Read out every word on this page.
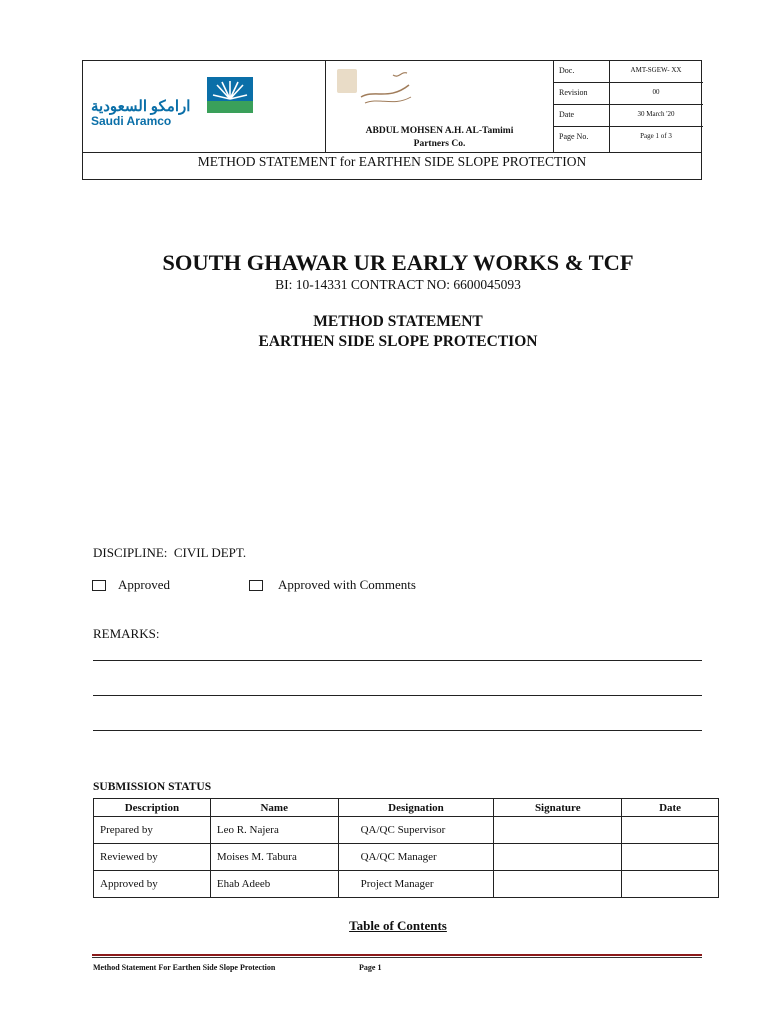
ارامكو السعودية
Saudi Aramco
ABDUL MOHSEN A.H. AL-Tamimi
Partners Co.
Doc.	AMT-SGEW- XX
Revision	00
Date	30 March '20
Page No.	Page 1 of 3
METHOD STATEMENT for EARTHEN SIDE SLOPE PROTECTION
SOUTH GHAWAR UR EARLY WORKS & TCF
BI: 10-14331 CONTRACT NO: 6600045093
METHOD STATEMENT
EARTHEN SIDE SLOPE PROTECTION
DISCIPLINE:  CIVIL DEPT.
Approved	Approved with Comments
REMARKS:
SUBMISSION STATUS
Description	Name	Designation	Signature	Date
Prepared by	Leo R. Najera	QA/QC Supervisor		
Reviewed by	Moises M. Tabura	QA/QC Manager		
Approved by	Ehab Adeeb	Project Manager		
Table of Contents
Method Statement For Earthen Side Slope Protection	Page 1
